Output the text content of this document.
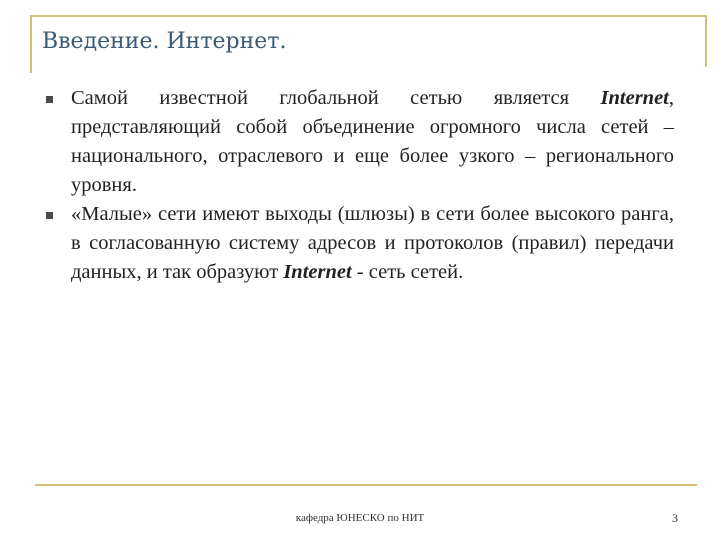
Введение. Интернет.
Самой известной глобальной сетью является Internet, представляющий собой объединение огромного числа сетей – национального, отраслевого и еще более узкого – регионального уровня.
«Малые» сети имеют выходы (шлюзы) в сети более высокого ранга, в согласованную систему адресов и протоколов (правил) передачи данных, и так образуют Internet - сеть сетей.
кафедра ЮНЕСКО по НИТ	3
